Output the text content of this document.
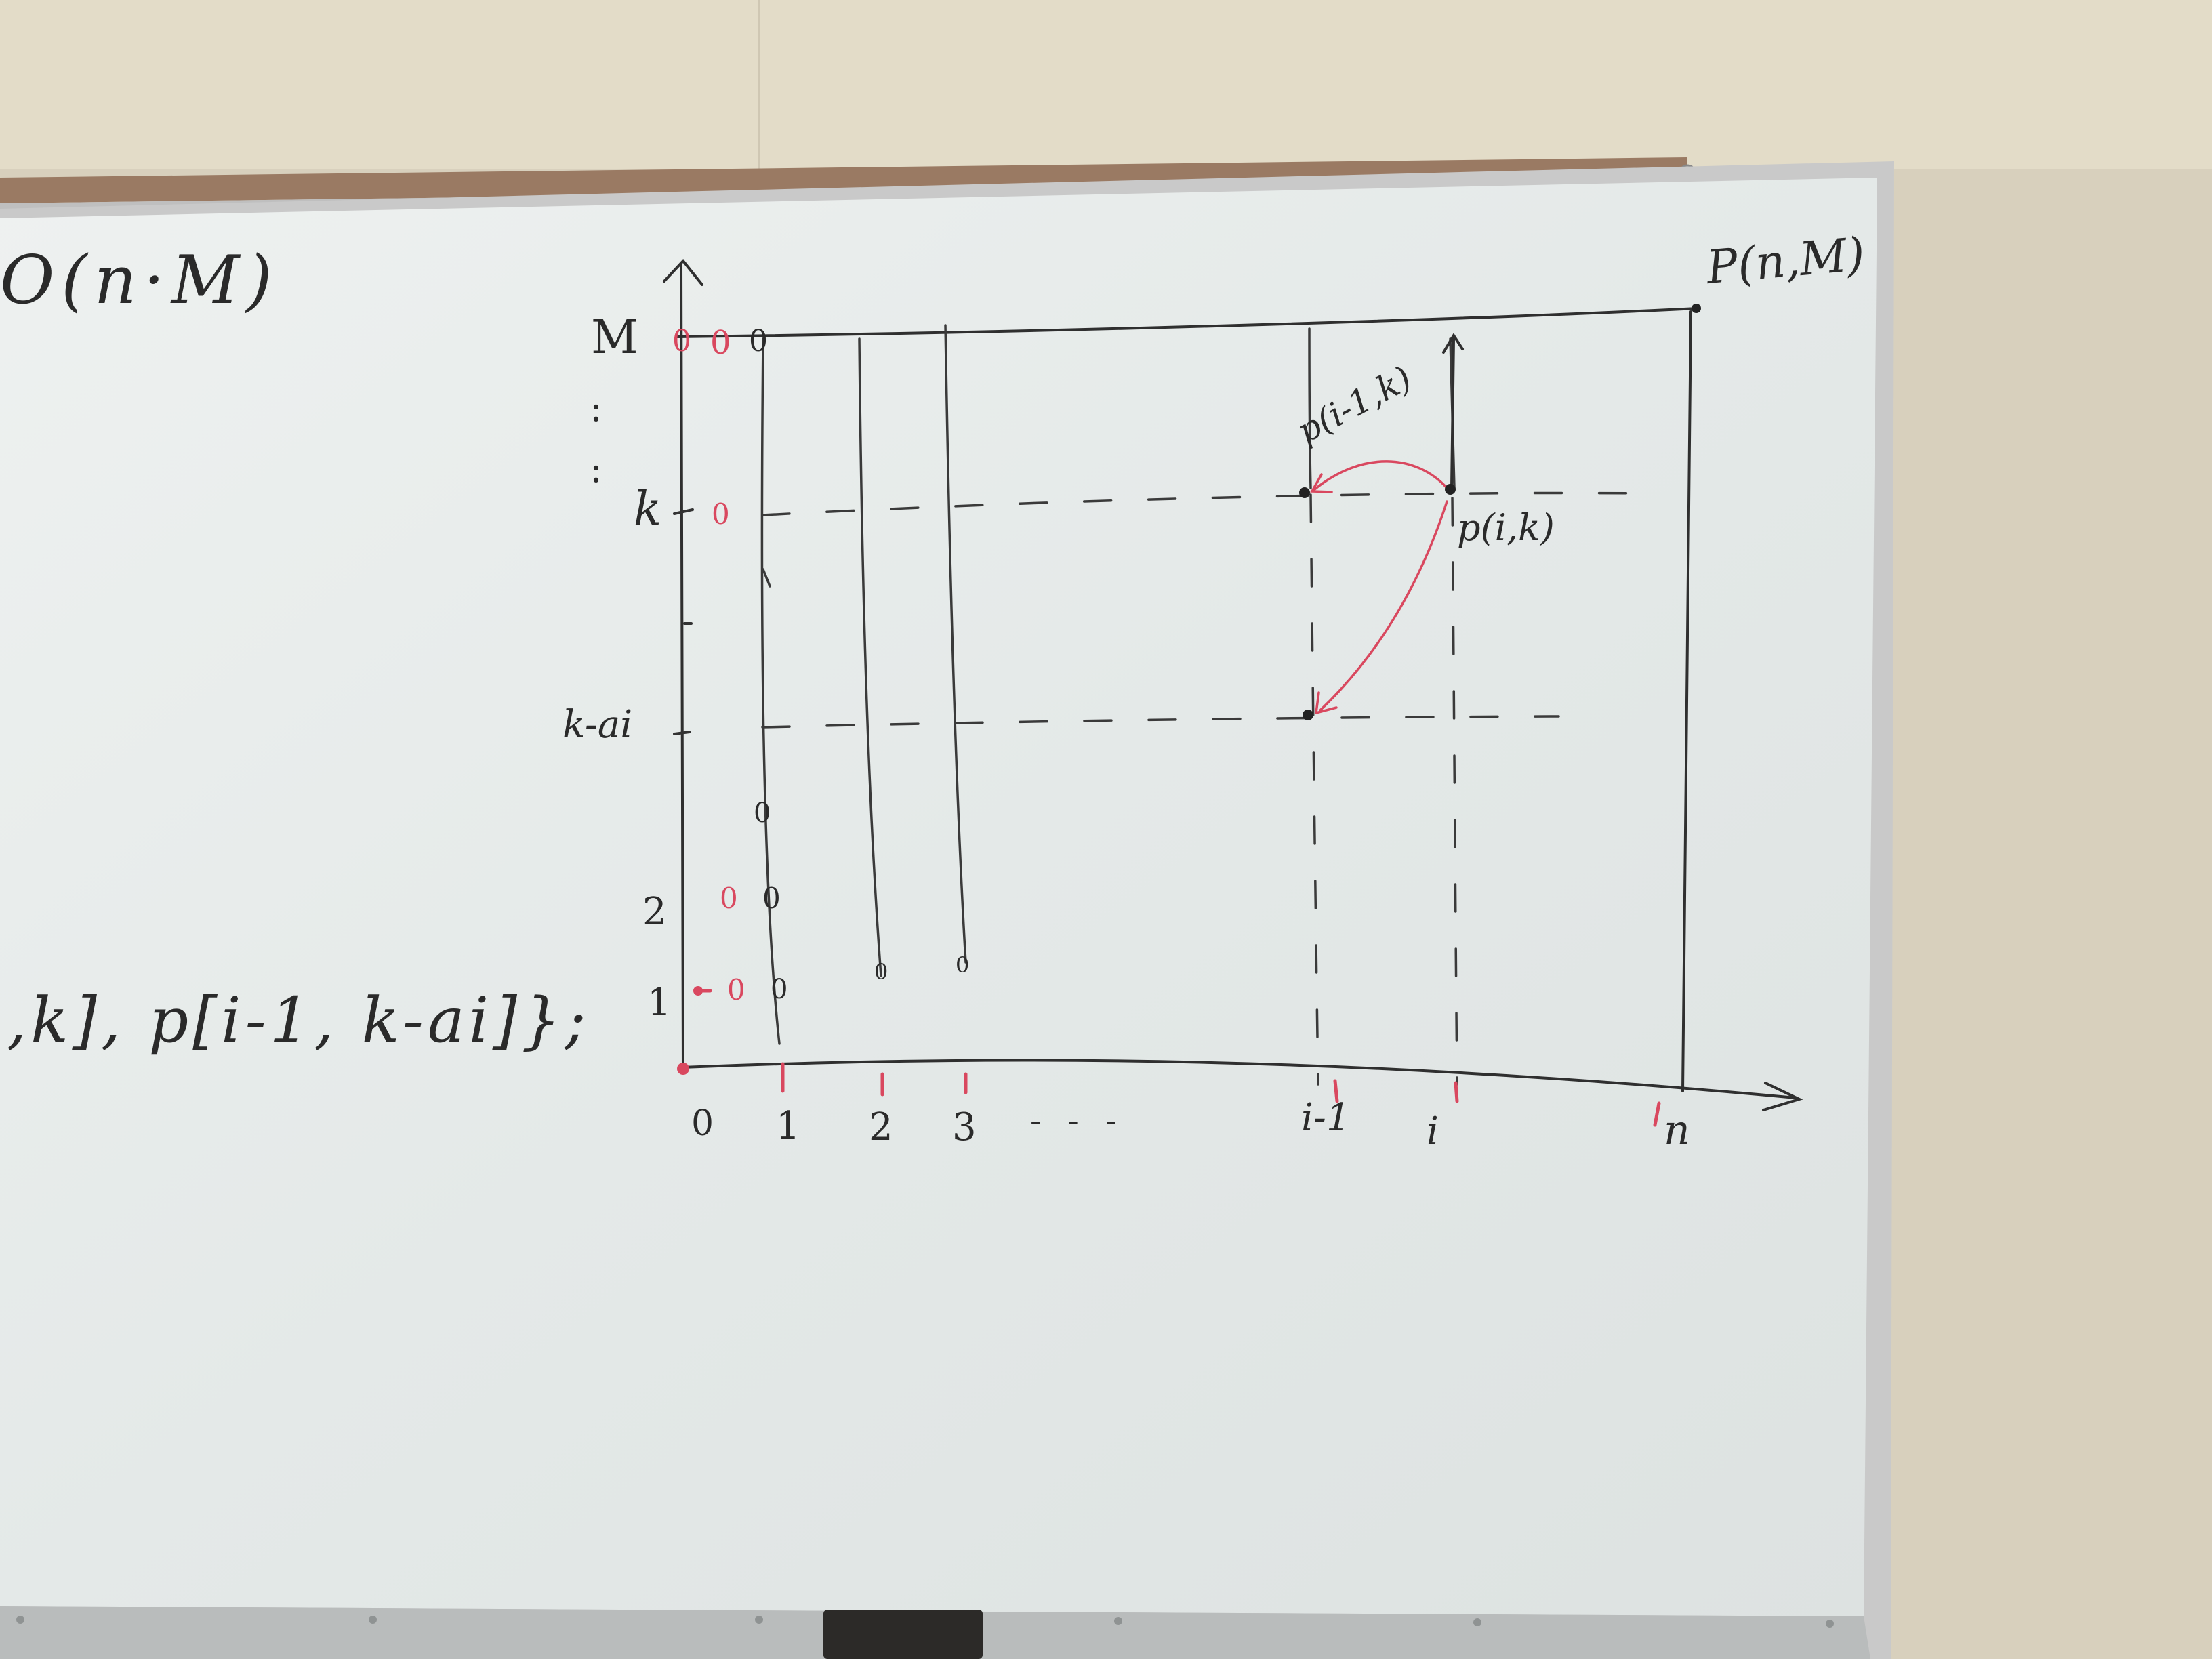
O(n·M)
,k], p[i-1, k-ai]};
M
:
:
k
k-ai
2
1
0 1 2 3 - - -	i-1 i	n
P(n,M)
p(i-1,k)
p(i,k)
0 0 0
0
0
0 0
0 0
0	0
